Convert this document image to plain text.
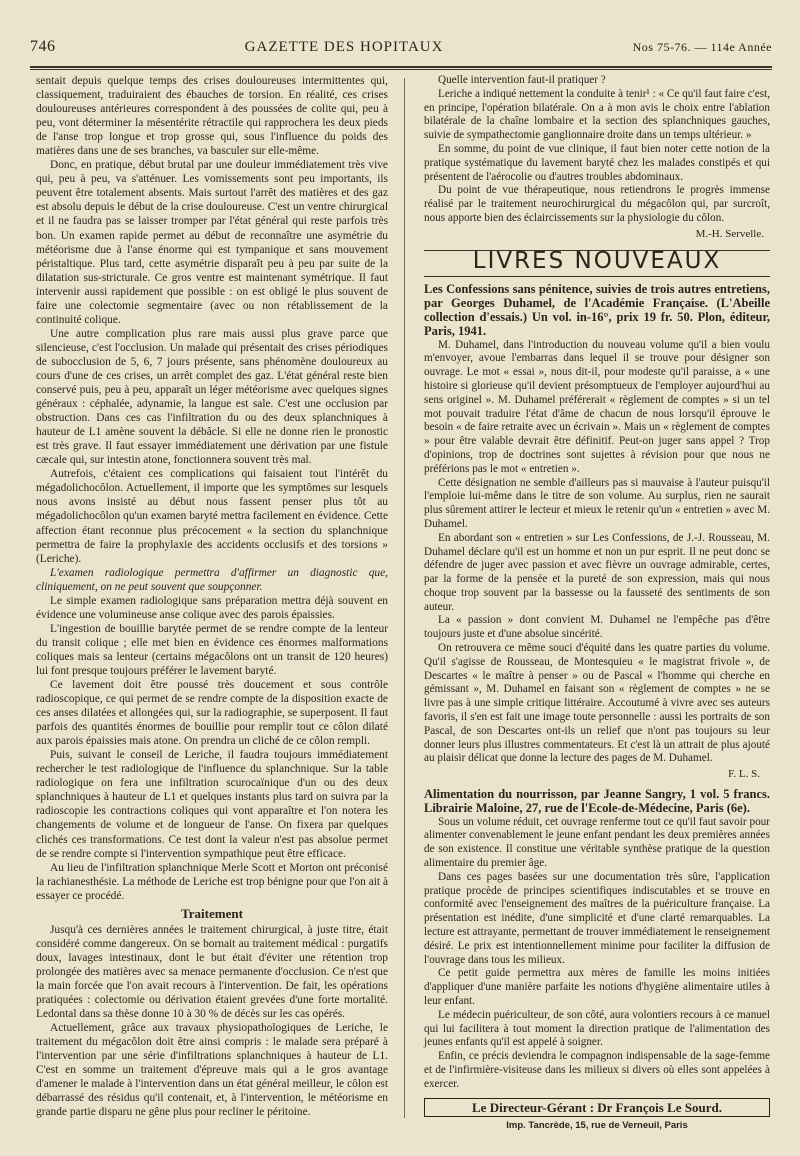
746	GAZETTE DES HOPITAUX	Nos 75-76. — 114e Année

sentait depuis quelque temps des crises douloureuses intermittentes qui, classiquement, traduiraient des ébauches de torsion. En réalité, ces crises douloureuses antérieures correspondent à des poussées de colite qui, peu à peu, vont déterminer la mésentérite rétractile qui rapprochera les deux pieds de l'anse trop longue et trop grosse qui, sous l'influence du poids des matières dans une de ses branches, va basculer sur elle-même.

Donc, en pratique, début brutal par une douleur immédiatement très vive qui, peu à peu, va s'atténuer. Les vomissements sont peu importants, ils peuvent être totalement absents. Mais surtout l'arrêt des matières et des gaz est absolu depuis le début de la crise douloureuse. C'est un ventre chirurgical et il ne faudra pas se laisser tromper par l'état général qui reste parfois très bon. Un examen rapide permet au début de reconnaître une asymétrie du météorisme due à l'anse énorme qui est tympanique et sans mouvement péristaltique. Plus tard, cette asymétrie disparaît peu à peu par suite de la dilatation sus-stricturale. Ce gros ventre est maintenant symétrique. Il faut intervenir aussi rapidement que possible : on est obligé le plus souvent de faire une colectomie segmentaire (avec ou non rétablissement de la continuité colique.

Une autre complication plus rare mais aussi plus grave parce que silencieuse, c'est l'occlusion. Un malade qui présentait des crises périodiques de subocclusion de 5, 6, 7 jours présente, sans phénomène douloureux au cours d'une de ces crises, un arrêt complet des gaz. L'état général reste bien conservé puis, peu à peu, apparaît un léger météorisme avec quelques signes généraux : céphalée, adynamie, la langue est sale. C'est une occlusion par obstruction. Dans ces cas l'infiltration du ou des deux splanchniques à hauteur de L1 amène souvent la débâcle. Si elle ne donne rien le pronostic est très grave. Il faut essayer immédiatement une dérivation par une fistule cæcale qui, sur intestin atone, fonctionnera souvent très mal.

Autrefois, c'étaient ces complications qui faisaient tout l'intérêt du mégadolichocôlon. Actuellement, il importe que les symptômes sur lesquels nous avons insisté au début nous fassent penser plus tôt au mégadolichocôlon qu'un examen baryté mettra facilement en évidence. Cette affection étant reconnue plus précocement « la section du splanchnique permettra de faire la prophylaxie des accidents occlusifs et des torsions » (Leriche).

L'examen radiologique permettra d'affirmer un diagnostic que, cliniquement, on ne peut souvent que soupçonner.

Le simple examen radiologique sans préparation mettra déjà souvent en évidence une volumineuse anse colique avec des parois épaissies.

L'ingestion de bouillie barytée permet de se rendre compte de la lenteur du transit colique ; elle met bien en évidence ces énormes malformations coliques mais sa lenteur (certains mégacôlons ont un transit de 120 heures) lui font presque toujours préférer le lavement baryté.

Ce lavement doit être poussé très doucement et sous contrôle radioscopique, ce qui permet de se rendre compte de la disposition exacte de ces anses dilatées et allongées qui, sur la radiographie, se superposent. Il faut parfois des quantités énormes de bouillie pour remplir tout ce côlon dilaté aux parois épaissies mais atone. On prendra un cliché de ce côlon rempli.

Puis, suivant le conseil de Leriche, il faudra toujours immédiatement rechercher le test radiologique de l'influence du splanchnique. Sur la table radiologique on fera une infiltration scurocaïnique d'un ou des deux splanchniques à hauteur de L1 et quelques instants plus tard on suivra par la radioscopie les contractions coliques qui vont apparaître et l'on notera les changements de volume et de longueur de l'anse. On fixera par quelques clichés ces transformations. Ce test dont la valeur n'est pas absolue permet de se rendre compte si l'intervention sympathique peut être efficace.

Au lieu de l'infiltration splanchnique Merle Scott et Morton ont préconisé la rachianesthésie. La méthode de Leriche est trop bénigne pour que l'on ait à essayer ce procédé.

Traitement

Jusqu'à ces dernières années le traitement chirurgical, à juste titre, était considéré comme dangereux. On se bornait au traitement médical : purgatifs doux, lavages intestinaux, dont le but était d'éviter une rétention trop prolongée des matières avec sa menace permanente d'occlusion. Ce n'est que la main forcée que l'on avait recours à l'intervention. De fait, les opérations pratiquées : colectomie ou dérivation étaient grevées d'une forte mortalité. Ledontal dans sa thèse donne 10 à 30 % de décès sur les cas opérés.

Actuellement, grâce aux travaux physiopathologiques de Leriche, le traitement du mégacôlon doit être ainsi compris : le malade sera préparé à l'intervention par une série d'infiltrations splanchniques à hauteur de L1. C'est en somme un traitement d'épreuve mais qui a le gros avantage d'amener le malade à l'intervention dans un état général meilleur, le côlon est débarrassé des résidus qu'il contenait, et, à l'intervention, le météorisme en grande partie disparu ne gêne plus pour recliner le péritoine.

Quelle intervention faut-il pratiquer ?

Leriche a indiqué nettement la conduite à tenir¹ : « Ce qu'il faut faire c'est, en principe, l'opération bilatérale. On a à mon avis le choix entre l'ablation bilatérale de la chaîne lombaire et la section des splanchniques gauches, suivie de sympathectomie ganglionnaire droite dans un temps ultérieur. »

En somme, du point de vue clinique, il faut bien noter cette notion de la pratique systématique du lavement baryté chez les malades constipés et qui présentent de l'aérocolie ou d'autres troubles abdominaux.

Du point de vue thérapeutique, nous retiendrons le progrès immense réalisé par le traitement neurochirurgical du mégacôlon qui, par surcroît, nous apporte bien des éclaircissements sur la physiologie du côlon.

M.-H. Servelle.
LIVRES NOUVEAUX

Les Confessions sans pénitence, suivies de trois autres entretiens, par Georges Duhamel, de l'Académie Française. (L'Abeille collection d'essais.) Un vol. in-16°, prix 19 fr. 50. Plon, éditeur, Paris, 1941.

M. Duhamel, dans l'introduction du nouveau volume qu'il a bien voulu m'envoyer, avoue l'embarras dans lequel il se trouve pour désigner son ouvrage. Le mot « essai », nous dit-il, pour modeste qu'il paraisse, a « une histoire si glorieuse qu'il devient présomptueux de l'employer aujourd'hui au sens originel ». M. Duhamel préférerait « règlement de comptes » si un tel mot pouvait traduire l'état d'âme de chacun de nous lorsqu'il éprouve le besoin « de faire retraite avec un écrivain ». Mais un « règlement de comptes » pour être valable devrait être définitif. Peut-on juger sans appel ? Trop d'opinions, trop de doctrines sont sujettes à révision pour que nous ne préférions pas le mot « entretien ».

Cette désignation ne semble d'ailleurs pas si mauvaise à l'auteur puisqu'il l'emploie lui-même dans le titre de son volume. Au surplus, rien ne saurait plus sûrement attirer le lecteur et mieux le retenir qu'un « entretien » avec M. Duhamel.

En abordant son « entretien » sur Les Confessions, de J.-J. Rousseau, M. Duhamel déclare qu'il est un homme et non un pur esprit. Il ne peut donc se défendre de juger avec passion et avec fièvre un ouvrage admirable, certes, par la forme de la pensée et la pureté de son expression, mais qui nous choque trop souvent par la bassesse ou la fausseté des sentiments de son auteur.

La « passion » dont convient M. Duhamel ne l'empêche pas d'être toujours juste et d'une absolue sincérité.

On retrouvera ce même souci d'équité dans les quatre parties du volume. Qu'il s'agisse de Rousseau, de Montesquieu « le magistrat frivole », de Descartes « le maître à penser » ou de Pascal « l'homme qui cherche en gémissant », M. Duhamel en faisant son « règlement de comptes » ne se livre pas à une simple critique littéraire. Accoutumé à vivre avec ses auteurs favoris, il s'en est fait une image toute personnelle : aussi les portraits de son Pascal, de son Descartes ont-ils un relief que n'ont pas toujours su leur donner leurs plus illustres commentateurs. Et c'est là un attrait de plus ajouté au plaisir délicat que donne la lecture des pages de M. Duhamel.

F. L. S.

Alimentation du nourrisson, par Jeanne Sangry, 1 vol. 5 francs. Librairie Maloine, 27, rue de l'Ecole-de-Médecine, Paris (6e).

Sous un volume réduit, cet ouvrage renferme tout ce qu'il faut savoir pour alimenter convenablement le jeune enfant pendant les deux premières années de son existence. Il constitue une véritable synthèse pratique de la question alimentaire du premier âge.

Dans ces pages basées sur une documentation très sûre, l'application pratique procède de principes scientifiques indiscutables et se trouve en conformité avec l'enseignement des maîtres de la puériculture française. La présentation est inédite, d'une simplicité et d'une clarté remarquables. La lecture est attrayante, permettant de trouver immédiatement le renseignement désiré. Le prix est intentionnellement minime pour faciliter la diffusion de l'ouvrage dans tous les milieux.

Ce petit guide permettra aux mères de famille les moins initiées d'appliquer d'une manière parfaite les notions d'hygiène alimentaire utiles à leur enfant.

Le médecin puériculteur, de son côté, aura volontiers recours à ce manuel qui lui facilitera à tout moment la direction pratique de l'alimentation des jeunes enfants qu'il est appelé à soigner.

Enfin, ce précis deviendra le compagnon indispensable de la sage-femme et de l'infirmière-visiteuse dans les milieux si divers où elles sont appelées à exercer.

Le Directeur-Gérant : Dr François Le Sourd.
Imp. Tancrède, 15, rue de Verneuil, Paris
